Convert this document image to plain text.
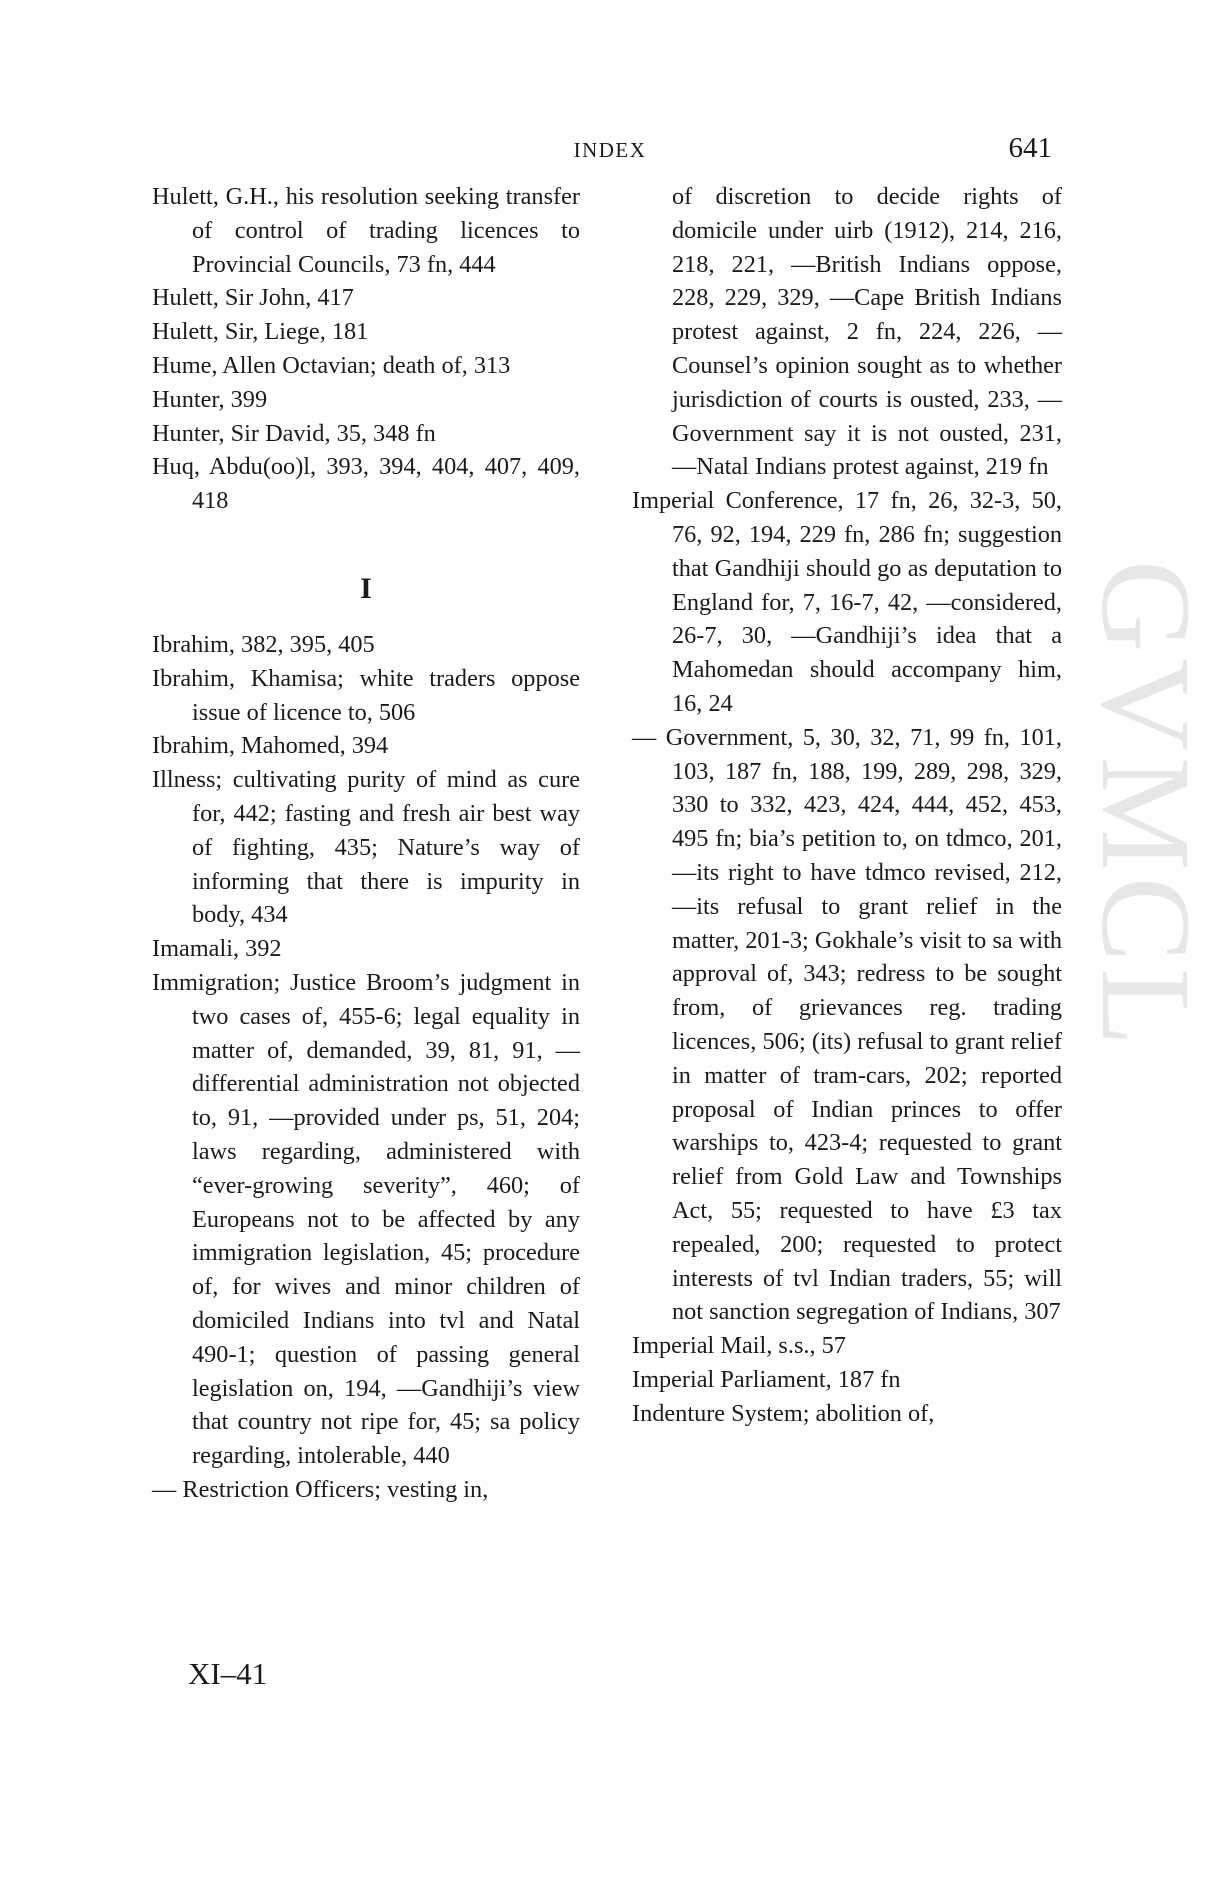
INDEX	641

Hulett, G.H., his resolution seeking transfer of control of trading licences to Provincial Councils, 73 fn, 444

Hulett, Sir John, 417

Hulett, Sir, Liege, 181

Hume, Allen Octavian; death of, 313

Hunter, 399

Hunter, Sir David, 35, 348 fn

Huq, Abdu(oo)l, 393, 394, 404, 407, 409, 418

I

Ibrahim, 382, 395, 405

Ibrahim, Khamisa; white traders oppose issue of licence to, 506

Ibrahim, Mahomed, 394

Illness; cultivating purity of mind as cure for, 442; fasting and fresh air best way of fighting, 435; Nature’s way of informing that there is impurity in body, 434

Imamali, 392

Immigration; Justice Broom’s judgment in two cases of, 455-6; legal equality in matter of, demanded, 39, 81, 91, —differential administration not objected to, 91, —provided under ps, 51, 204; laws regarding, administered with “ever-growing severity”, 460; of Europeans not to be affected by any immigration legislation, 45; procedure of, for wives and minor children of domiciled Indians into tvl and Natal 490-1; question of passing general legislation on, 194, —Gandhiji’s view that country not ripe for, 45; sa policy regarding, intolerable, 440

— Restriction Officers; vesting in,

of discretion to decide rights of domicile under uirb (1912), 214, 216, 218, 221, —British Indians oppose, 228, 229, 329, —Cape British Indians protest against, 2 fn, 224, 226, —Counsel’s opinion sought as to whether jurisdiction of courts is ousted, 233, —Government say it is not ousted, 231, —Natal Indians protest against, 219 fn

Imperial Conference, 17 fn, 26, 32-3, 50, 76, 92, 194, 229 fn, 286 fn; suggestion that Gandhiji should go as deputation to England for, 7, 16-7, 42, —considered, 26-7, 30, —Gandhiji’s idea that a Mahomedan should accompany him, 16, 24

— Government, 5, 30, 32, 71, 99 fn, 101, 103, 187 fn, 188, 199, 289, 298, 329, 330 to 332, 423, 424, 444, 452, 453, 495 fn; bia’s petition to, on tdmco, 201, —its right to have tdmco revised, 212, —its refusal to grant relief in the matter, 201-3; Gokhale’s visit to sa with approval of, 343; redress to be sought from, of grievances reg. trading licences, 506; (its) refusal to grant relief in matter of tram-cars, 202; reported proposal of Indian princes to offer warships to, 423-4; requested to grant relief from Gold Law and Townships Act, 55; requested to have £3 tax repealed, 200; requested to protect interests of tvl Indian traders, 55; will not sanction segregation of Indians, 307

Imperial Mail, s.s., 57

Imperial Parliament, 187 fn

Indenture System; abolition of,

XI–41
GVMCL
